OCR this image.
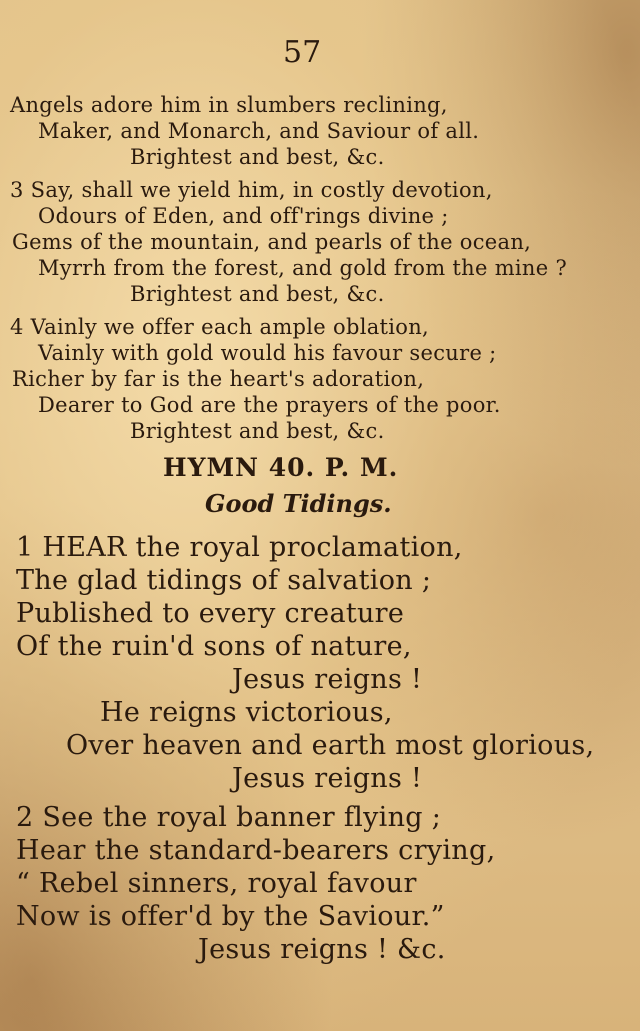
57
Angels adore him in slumbers reclining,
Maker, and Monarch, and Saviour of all.
Brightest and best, &c.
3 Say, shall we yield him, in costly devotion,
Odours of Eden, and off'rings divine ;
Gems of the mountain, and pearls of the ocean,
Myrrh from the forest, and gold from the mine ?
Brightest and best, &c.
4 Vainly we offer each ample oblation,
Vainly with gold would his favour secure ;
Richer by far is the heart's adoration,
Dearer to God are the prayers of the poor.
Brightest and best, &c.
HYMN 40. P. M.
Good Tidings.
1 HEAR the royal proclamation,
The glad tidings of salvation ;
Published to every creature
Of the ruin'd sons of nature,
Jesus reigns !
He reigns victorious,
Over heaven and earth most glorious,
Jesus reigns !
2 See the royal banner flying ;
Hear the standard-bearers crying,
“ Rebel sinners, royal favour
Now is offer'd by the Saviour.”
Jesus reigns ! &c.
